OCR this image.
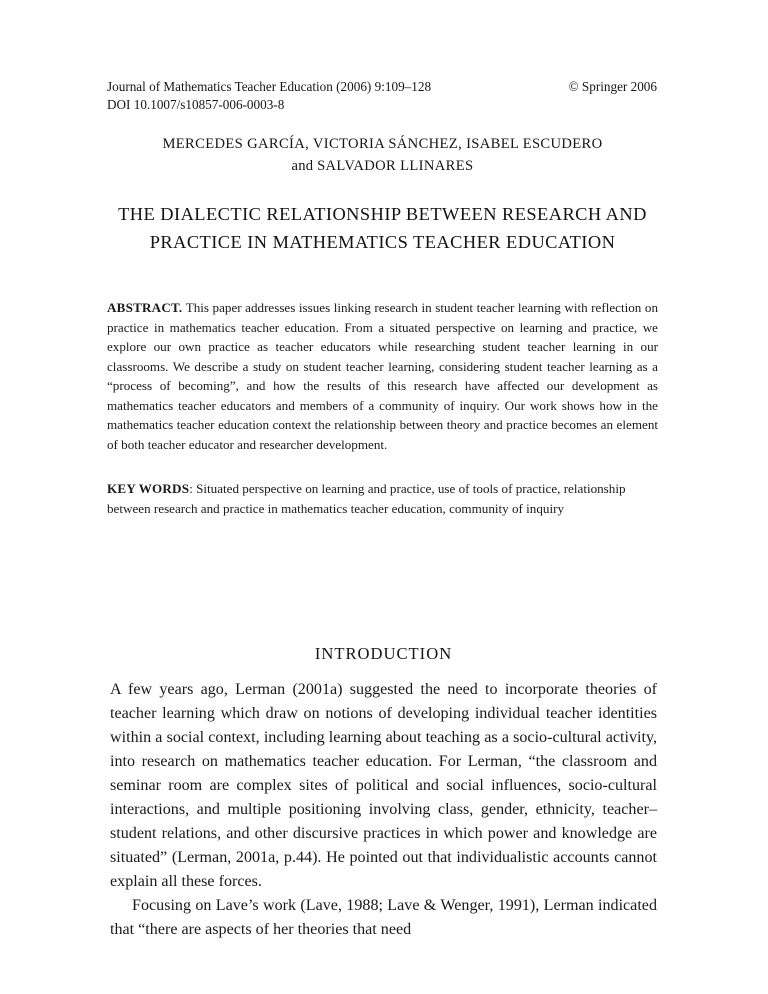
Journal of Mathematics Teacher Education (2006) 9:109–128	© Springer 2006
DOI 10.1007/s10857-006-0003-8
MERCEDES GARCÍA, VICTORIA SÁNCHEZ, ISABEL ESCUDERO
and SALVADOR LLINARES
THE DIALECTIC RELATIONSHIP BETWEEN RESEARCH AND PRACTICE IN MATHEMATICS TEACHER EDUCATION
ABSTRACT. This paper addresses issues linking research in student teacher learning with reflection on practice in mathematics teacher education. From a situated perspective on learning and practice, we explore our own practice as teacher educators while researching student teacher learning in our classrooms. We describe a study on student teacher learning, considering student teacher learning as a “process of becoming”, and how the results of this research have affected our development as mathematics teacher educators and members of a community of inquiry. Our work shows how in the mathematics teacher education context the relationship between theory and practice becomes an element of both teacher educator and researcher development.
KEY WORDS: Situated perspective on learning and practice, use of tools of practice, relationship between research and practice in mathematics teacher education, community of inquiry
INTRODUCTION

A few years ago, Lerman (2001a) suggested the need to incorporate theories of teacher learning which draw on notions of developing individual teacher identities within a social context, including learning about teaching as a socio-cultural activity, into research on mathematics teacher education. For Lerman, “the classroom and seminar room are complex sites of political and social influences, socio-cultural interactions, and multiple positioning involving class, gender, ethnicity, teacher–student relations, and other discursive practices in which power and knowledge are situated” (Lerman, 2001a, p.44). He pointed out that individualistic accounts cannot explain all these forces.

Focusing on Lave’s work (Lave, 1988; Lave & Wenger, 1991), Lerman indicated that “there are aspects of her theories that need
